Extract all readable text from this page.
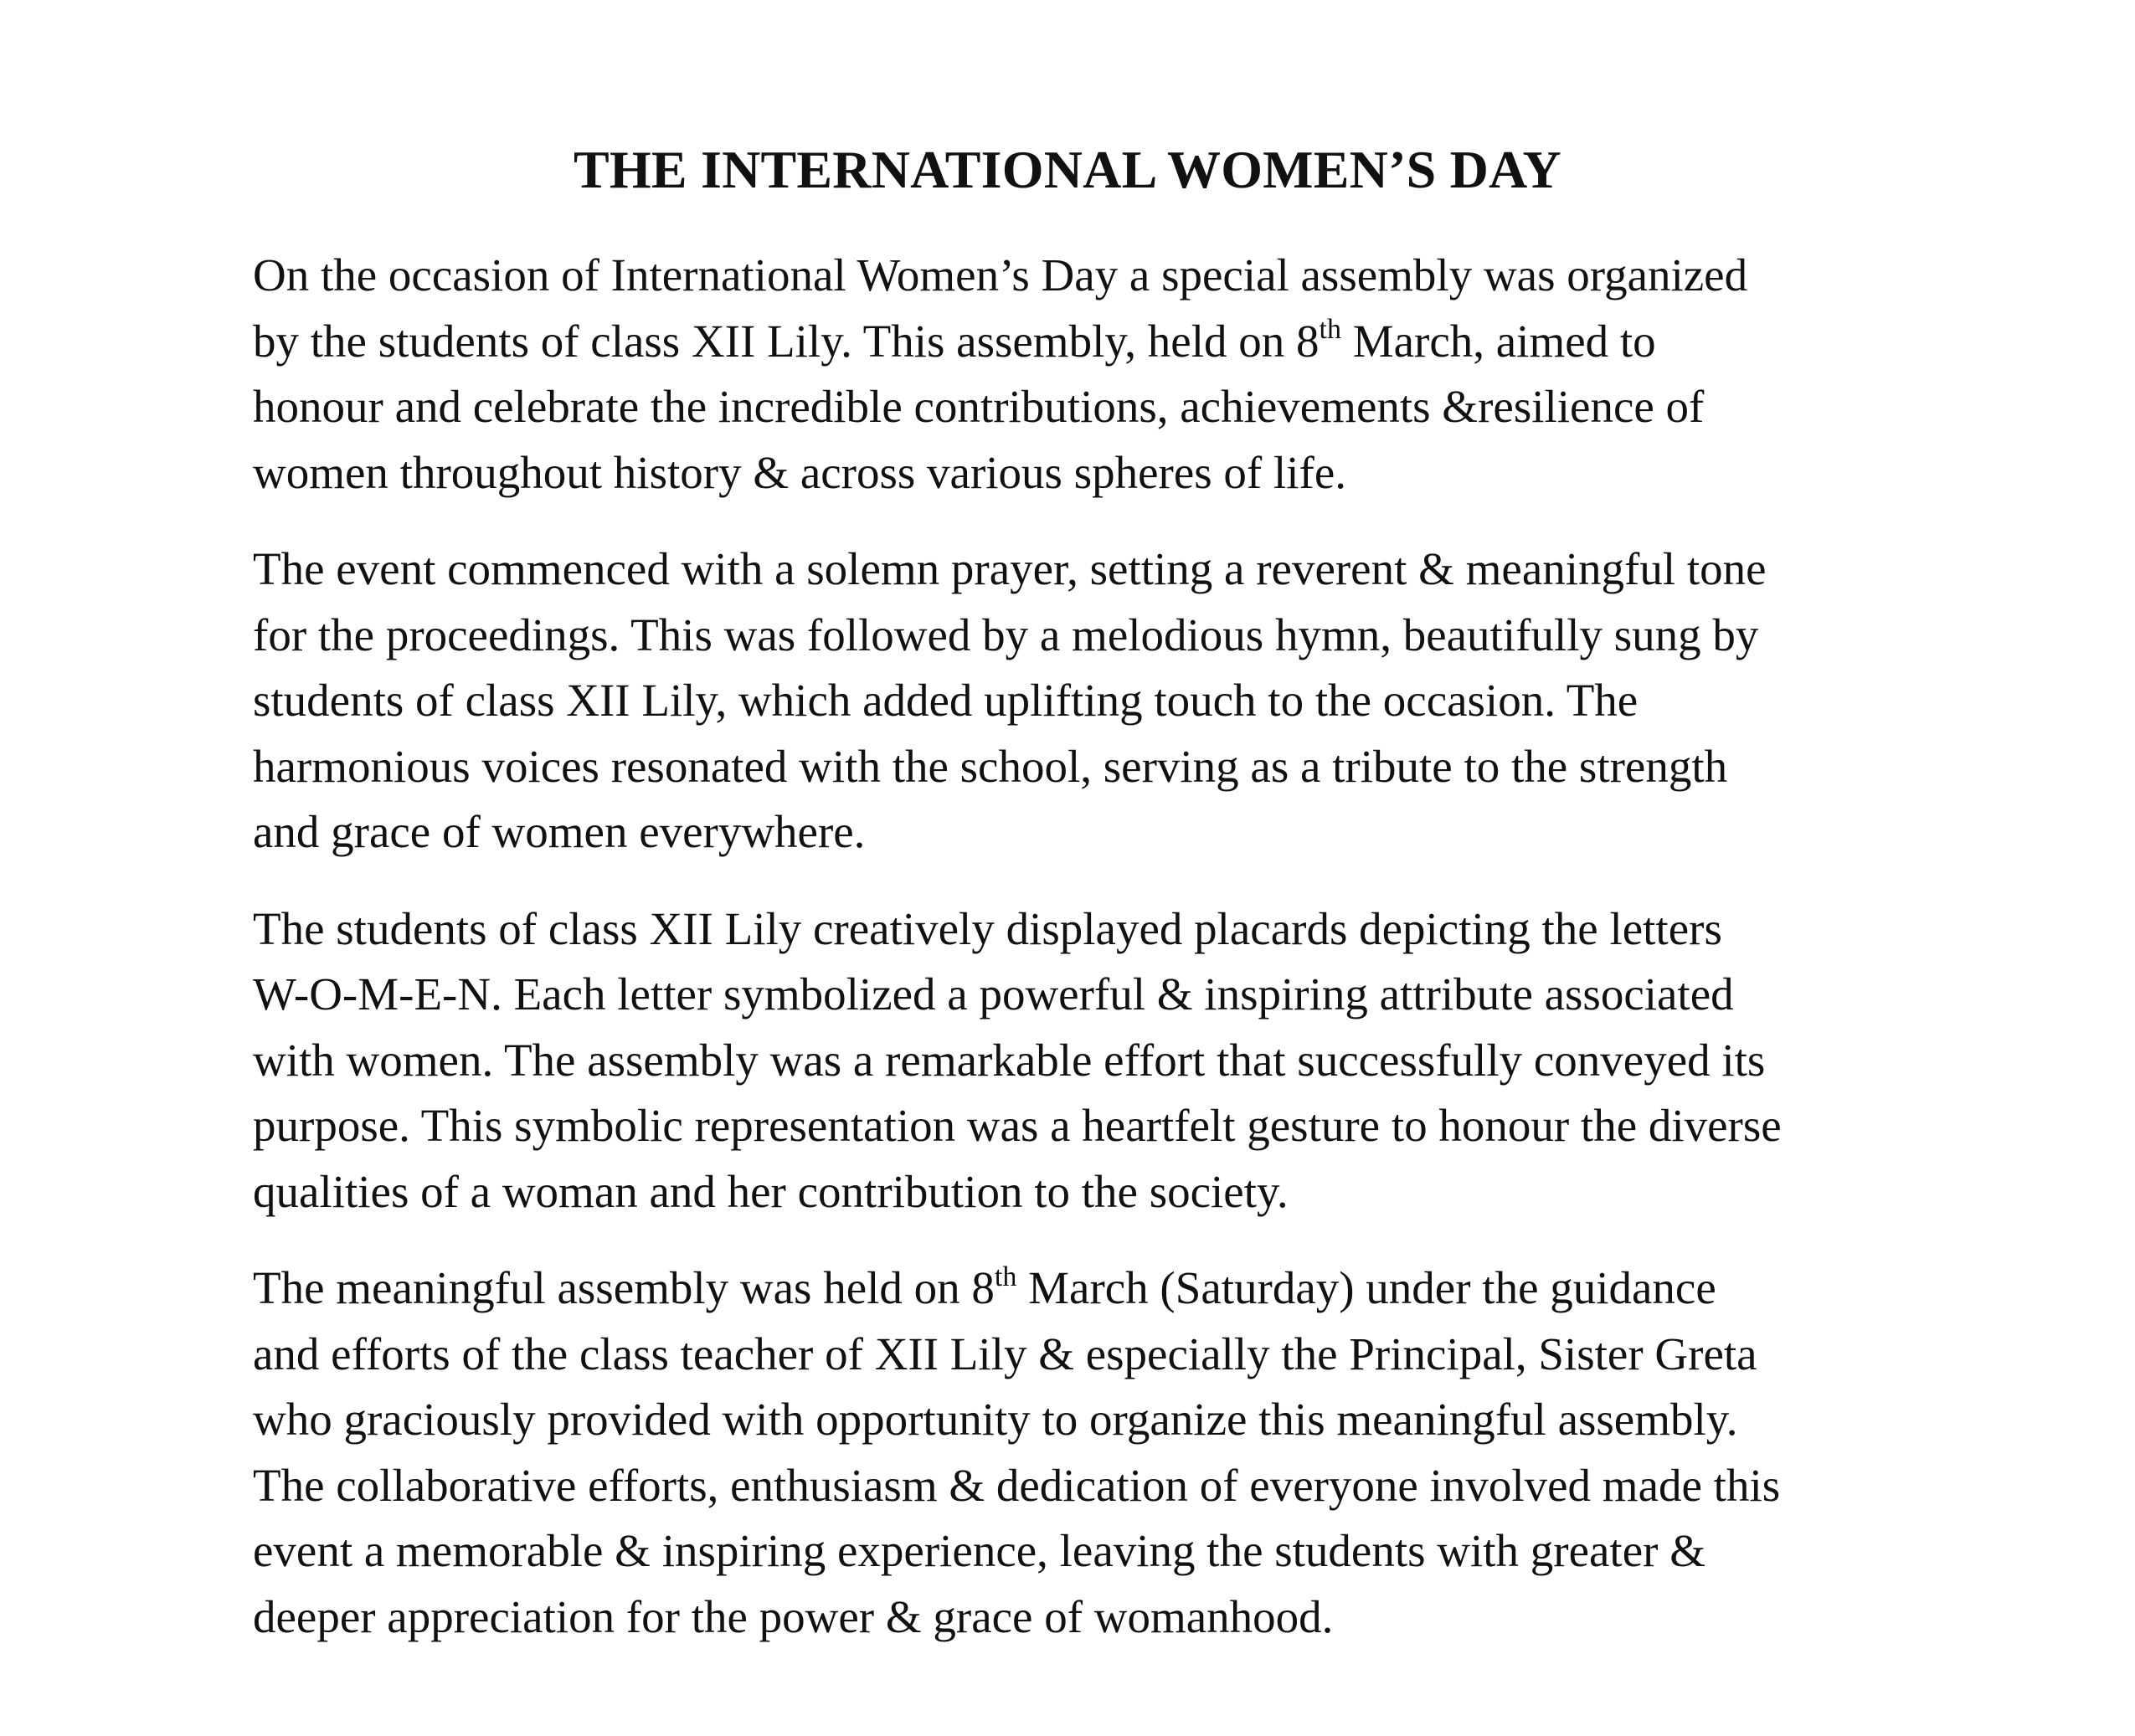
THE INTERNATIONAL WOMEN’S DAY

On the occasion of International Women’s Day a special assembly was organized
by the students of class XII Lily. This assembly, held on 8th March, aimed to
honour and celebrate the incredible contributions, achievements &resilience of
women throughout history & across various spheres of life.

The event commenced with a solemn prayer, setting a reverent & meaningful tone
for the proceedings. This was followed by a melodious hymn, beautifully sung by
students of class XII Lily, which added uplifting touch to the occasion. The
harmonious voices resonated with the school, serving as a tribute to the strength
and grace of women everywhere.

The students of class XII Lily creatively displayed placards depicting the letters
W-O-M-E-N. Each letter symbolized a powerful & inspiring attribute associated
with women. The assembly was a remarkable effort that successfully conveyed its
purpose. This symbolic representation was a heartfelt gesture to honour the diverse
qualities of a woman and her contribution to the society.

The meaningful assembly was held on 8th March (Saturday) under the guidance
and efforts of the class teacher of XII Lily & especially the Principal, Sister Greta
who graciously provided with opportunity to organize this meaningful assembly.
The collaborative efforts, enthusiasm & dedication of everyone involved made this
event a memorable & inspiring experience, leaving the students with greater &
deeper appreciation for the power & grace of womanhood.
